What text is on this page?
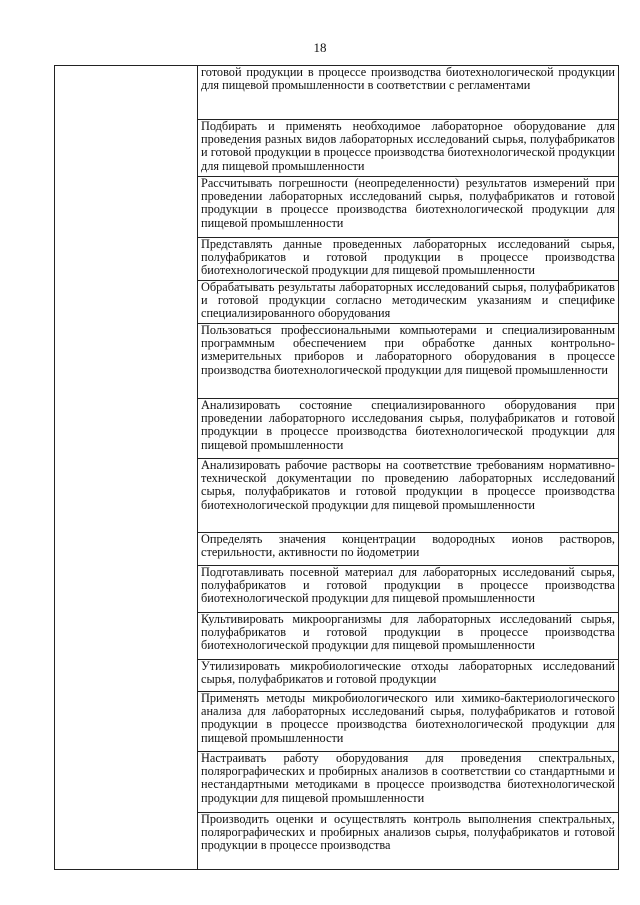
18

готовой продукции в процессе производства биотехнологической продукции для пищевой промышленности в соответствии с регламентами

Подбирать и применять необходимое лабораторное оборудование для проведения разных видов лабораторных исследований сырья, полуфабрикатов и готовой продукции в процессе производства биотехнологической продукции для пищевой промышленности

Рассчитывать погрешности (неопределенности) результатов измерений при проведении лабораторных исследований сырья, полуфабрикатов и готовой продукции в процессе производства биотехнологической продукции для пищевой промышленности

Представлять данные проведенных лабораторных исследований сырья, полуфабрикатов и готовой продукции в процессе производства биотехнологической продукции для пищевой промышленности

Обрабатывать результаты лабораторных исследований сырья, полуфабрикатов и готовой продукции согласно методическим указаниям и специфике специализированного оборудования

Пользоваться профессиональными компьютерами и специализированным программным обеспечением при обработке данных контрольно-измерительных приборов и лабораторного оборудования в процессе производства биотехнологической продукции для пищевой промышленности

Анализировать состояние специализированного оборудования при проведении лабораторного исследования сырья, полуфабрикатов и готовой продукции в процессе производства биотехнологической продукции для пищевой промышленности

Анализировать рабочие растворы на соответствие требованиям нормативно-технической документации по проведению лабораторных исследований сырья, полуфабрикатов и готовой продукции в процессе производства биотехнологической продукции для пищевой промышленности

Определять значения концентрации водородных ионов растворов, стерильности, активности по йодометрии

Подготавливать посевной материал для лабораторных исследований сырья, полуфабрикатов и готовой продукции в процессе производства биотехнологической продукции для пищевой промышленности

Культивировать микроорганизмы для лабораторных исследований сырья, полуфабрикатов и готовой продукции в процессе производства биотехнологической продукции для пищевой промышленности

Утилизировать микробиологические отходы лабораторных исследований сырья, полуфабрикатов и готовой продукции

Применять методы микробиологического или химико-бактериологического анализа для лабораторных исследований сырья, полуфабрикатов и готовой продукции в процессе производства биотехнологической продукции для пищевой промышленности

Настраивать работу оборудования для проведения спектральных, полярографических и пробирных анализов в соответствии со стандартными и нестандартными методиками в процессе производства биотехнологической продукции для пищевой промышленности

Производить оценки и осуществлять контроль выполнения спектральных, полярографических и пробирных анализов сырья, полуфабрикатов и готовой продукции в процессе производства
